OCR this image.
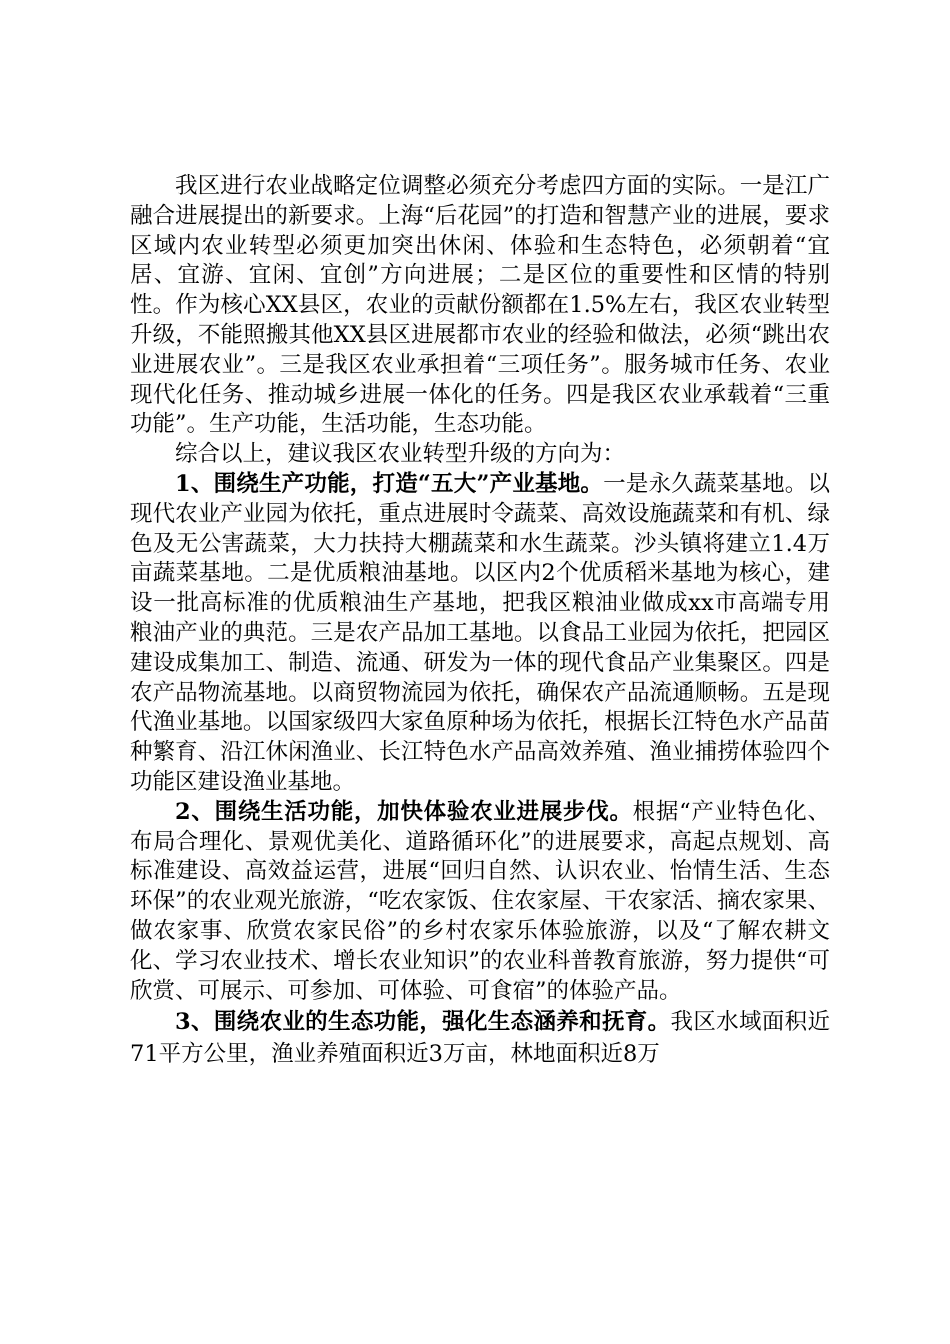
我区进行农业战略定位调整必须充分考虑四方面的实际。一是江广融合进展提出的新要求。上海“后花园”的打造和智慧产业的进展，要求区域内农业转型必须更加突出休闲、体验和生态特色，必须朝着“宜居、宜游、宜闲、宜创”方向进展；二是区位的重要性和区情的特别性。作为核心XX县区，农业的贡献份额都在1.5%左右，我区农业转型升级，不能照搬其他XX县区进展都市农业的经验和做法，必须“跳出农业进展农业”。三是我区农业承担着“三项任务”。服务城市任务、农业现代化任务、推动城乡进展一体化的任务。四是我区农业承载着“三重功能”。生产功能，生活功能，生态功能。

综合以上，建议我区农业转型升级的方向为：

1、围绕生产功能，打造“五大”产业基地。一是永久蔬菜基地。以现代农业产业园为依托，重点进展时令蔬菜、高效设施蔬菜和有机、绿色及无公害蔬菜，大力扶持大棚蔬菜和水生蔬菜。沙头镇将建立1.4万亩蔬菜基地。二是优质粮油基地。以区内2个优质稻米基地为核心，建设一批高标准的优质粮油生产基地，把我区粮油业做成xx市高端专用粮油产业的典范。三是农产品加工基地。以食品工业园为依托，把园区建设成集加工、制造、流通、研发为一体的现代食品产业集聚区。四是农产品物流基地。以商贸物流园为依托，确保农产品流通顺畅。五是现代渔业基地。以国家级四大家鱼原种场为依托，根据长江特色水产品苗种繁育、沿江休闲渔业、长江特色水产品高效养殖、渔业捕捞体验四个功能区建设渔业基地。

2、围绕生活功能，加快体验农业进展步伐。根据“产业特色化、布局合理化、景观优美化、道路循环化”的进展要求，高起点规划、高标准建设、高效益运营，进展“回归自然、认识农业、怡情生活、生态环保”的农业观光旅游，“吃农家饭、住农家屋、干农家活、摘农家果、做农家事、欣赏农家民俗”的乡村农家乐体验旅游，以及“了解农耕文化、学习农业技术、增长农业知识”的农业科普教育旅游，努力提供“可欣赏、可展示、可参加、可体验、可食宿”的体验产品。

3、围绕农业的生态功能，强化生态涵养和抚育。我区水域面积近71平方公里，渔业养殖面积近3万亩，林地面积近8万
